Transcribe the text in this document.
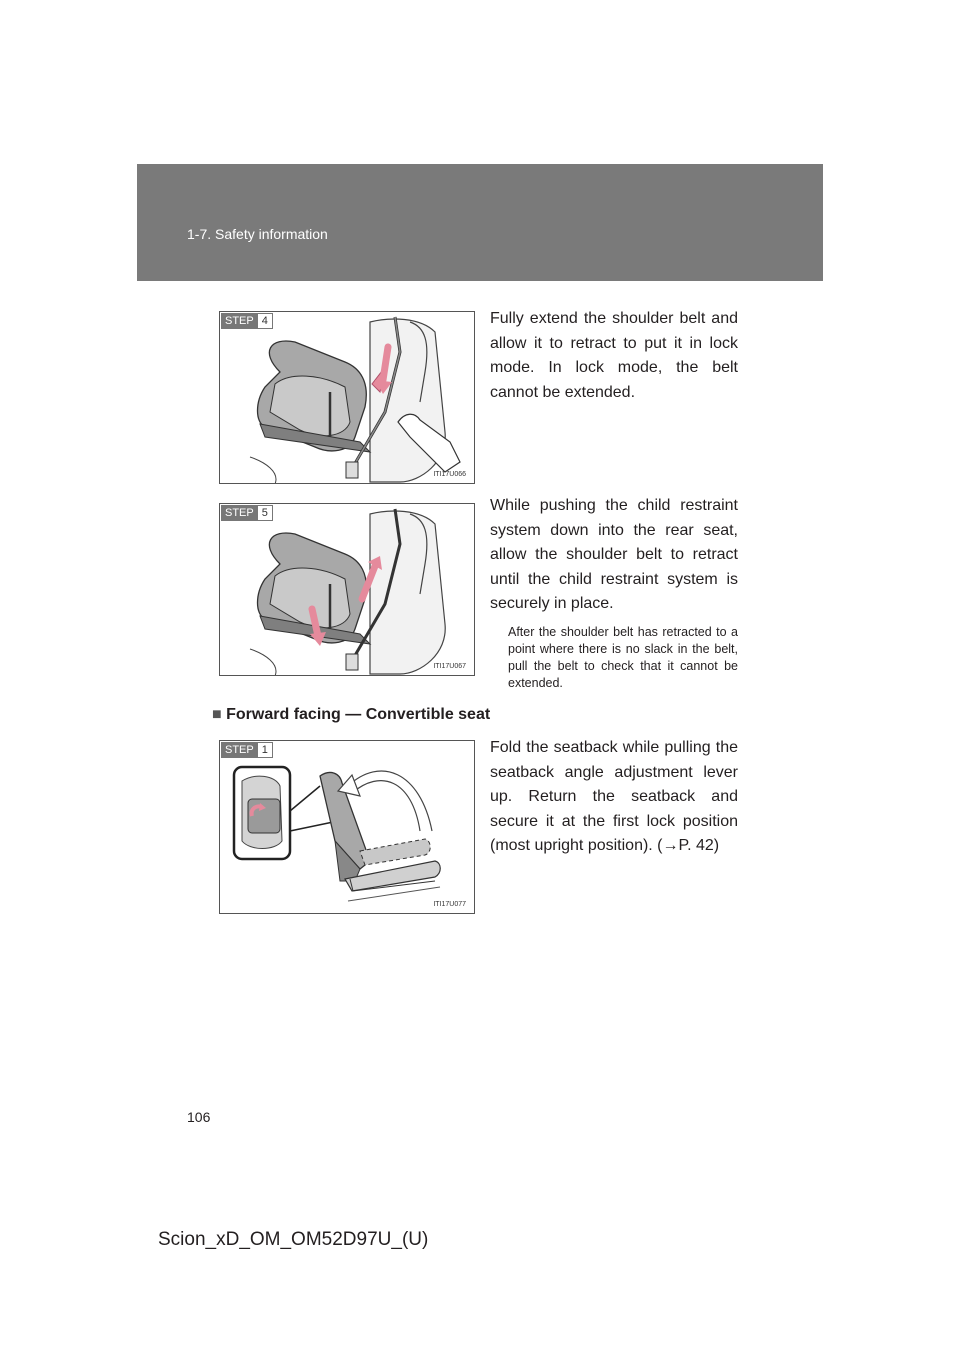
1-7. Safety information
STEP 4
ITI17U066

Fully extend the shoulder belt and allow it to retract to put it in lock mode. In lock mode, the belt cannot be extended.

STEP 5
ITI17U067

While pushing the child restraint system down into the rear seat, allow the shoulder belt to retract until the child restraint system is securely in place.

After the shoulder belt has retracted to a point where there is no slack in the belt, pull the belt to check that it cannot be extended.

■ Forward facing — Convertible seat
STEP 1
ITI17U077

Fold the seatback while pulling the seatback angle adjustment lever up. Return the seatback and secure it at the first lock position (most upright position). (→P. 42)

106
Scion_xD_OM_OM52D97U_(U)
